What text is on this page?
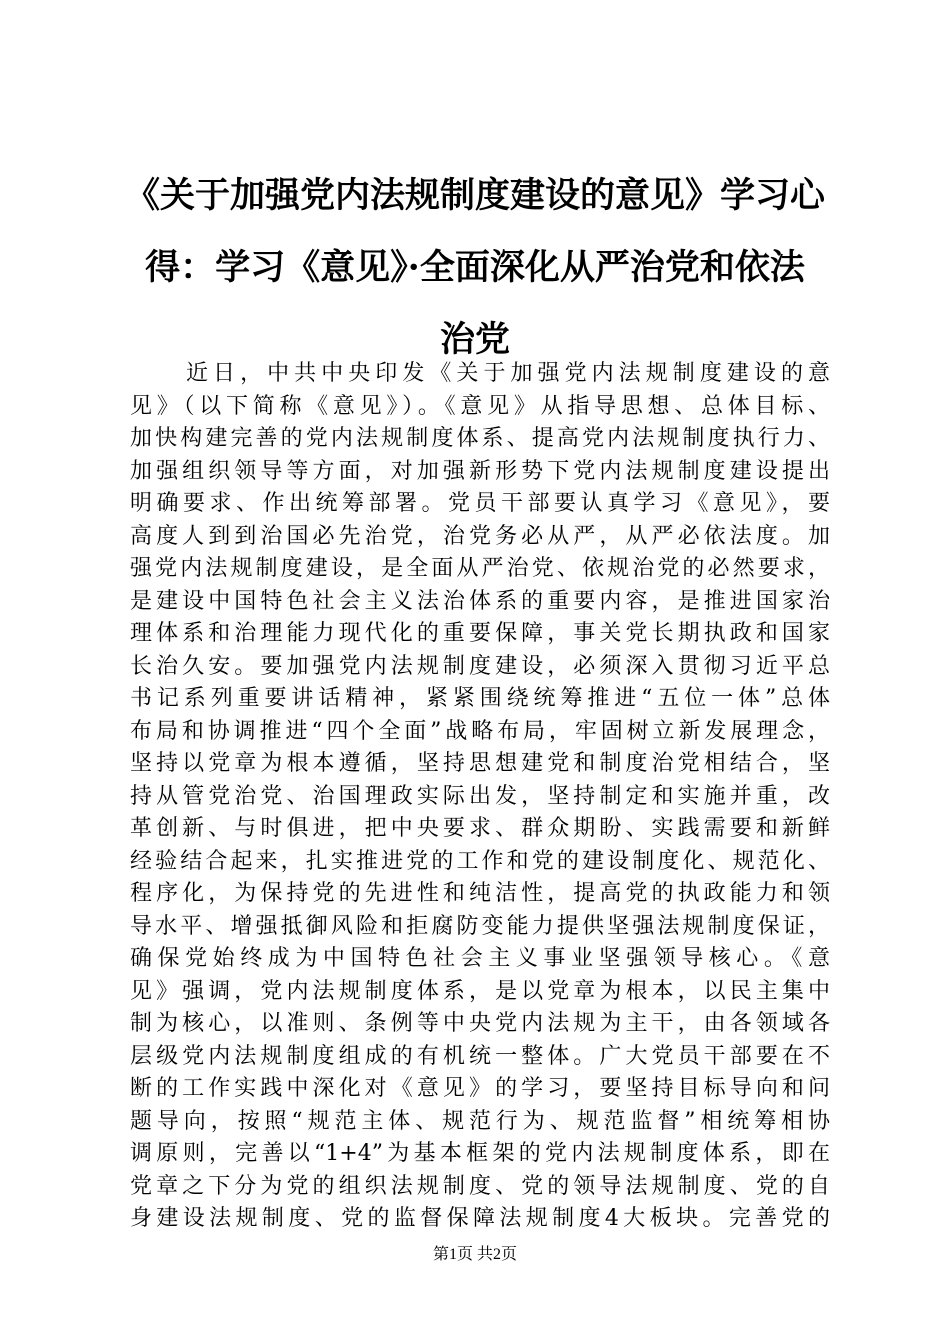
《关于加强党内法规制度建设的意见》学习心
得：学习《意见》·全面深化从严治党和依法
治党
近日，中共中央印发《关于加强党内法规制度建设的意
见》（以下简称《意见》）。《意见》从指导思想、总体目标、
加快构建完善的党内法规制度体系、提高党内法规制度执行力、
加强组织领导等方面，对加强新形势下党内法规制度建设提出
明确要求、作出统筹部署。党员干部要认真学习《意见》，要
高度人到到治国必先治党，治党务必从严，从严必依法度。加
强党内法规制度建设，是全面从严治党、依规治党的必然要求，
是建设中国特色社会主义法治体系的重要内容，是推进国家治
理体系和治理能力现代化的重要保障，事关党长期执政和国家
长治久安。要加强党内法规制度建设，必须深入贯彻习近平总
书记系列重要讲话精神，紧紧围绕统筹推进“五位一体”总体
布局和协调推进“四个全面”战略布局，牢固树立新发展理念，
坚持以党章为根本遵循，坚持思想建党和制度治党相结合，坚
持从管党治党、治国理政实际出发，坚持制定和实施并重，改
革创新、与时俱进，把中央要求、群众期盼、实践需要和新鲜
经验结合起来，扎实推进党的工作和党的建设制度化、规范化、
程序化，为保持党的先进性和纯洁性，提高党的执政能力和领
导水平、增强抵御风险和拒腐防变能力提供坚强法规制度保证，
确保党始终成为中国特色社会主义事业坚强领导核心。《意
见》强调，党内法规制度体系，是以党章为根本，以民主集中
制为核心，以准则、条例等中央党内法规为主干，由各领域各
层级党内法规制度组成的有机统一整体。广大党员干部要在不
断的工作实践中深化对《意见》的学习，要坚持目标导向和问
题导向，按照“规范主体、规范行为、规范监督”相统筹相协
调原则，完善以“1+4”为基本框架的党内法规制度体系，即在
党章之下分为党的组织法规制度、党的领导法规制度、党的自
身建设法规制度、党的监督保障法规制度4大板块。完善党的
第1页 共2页
